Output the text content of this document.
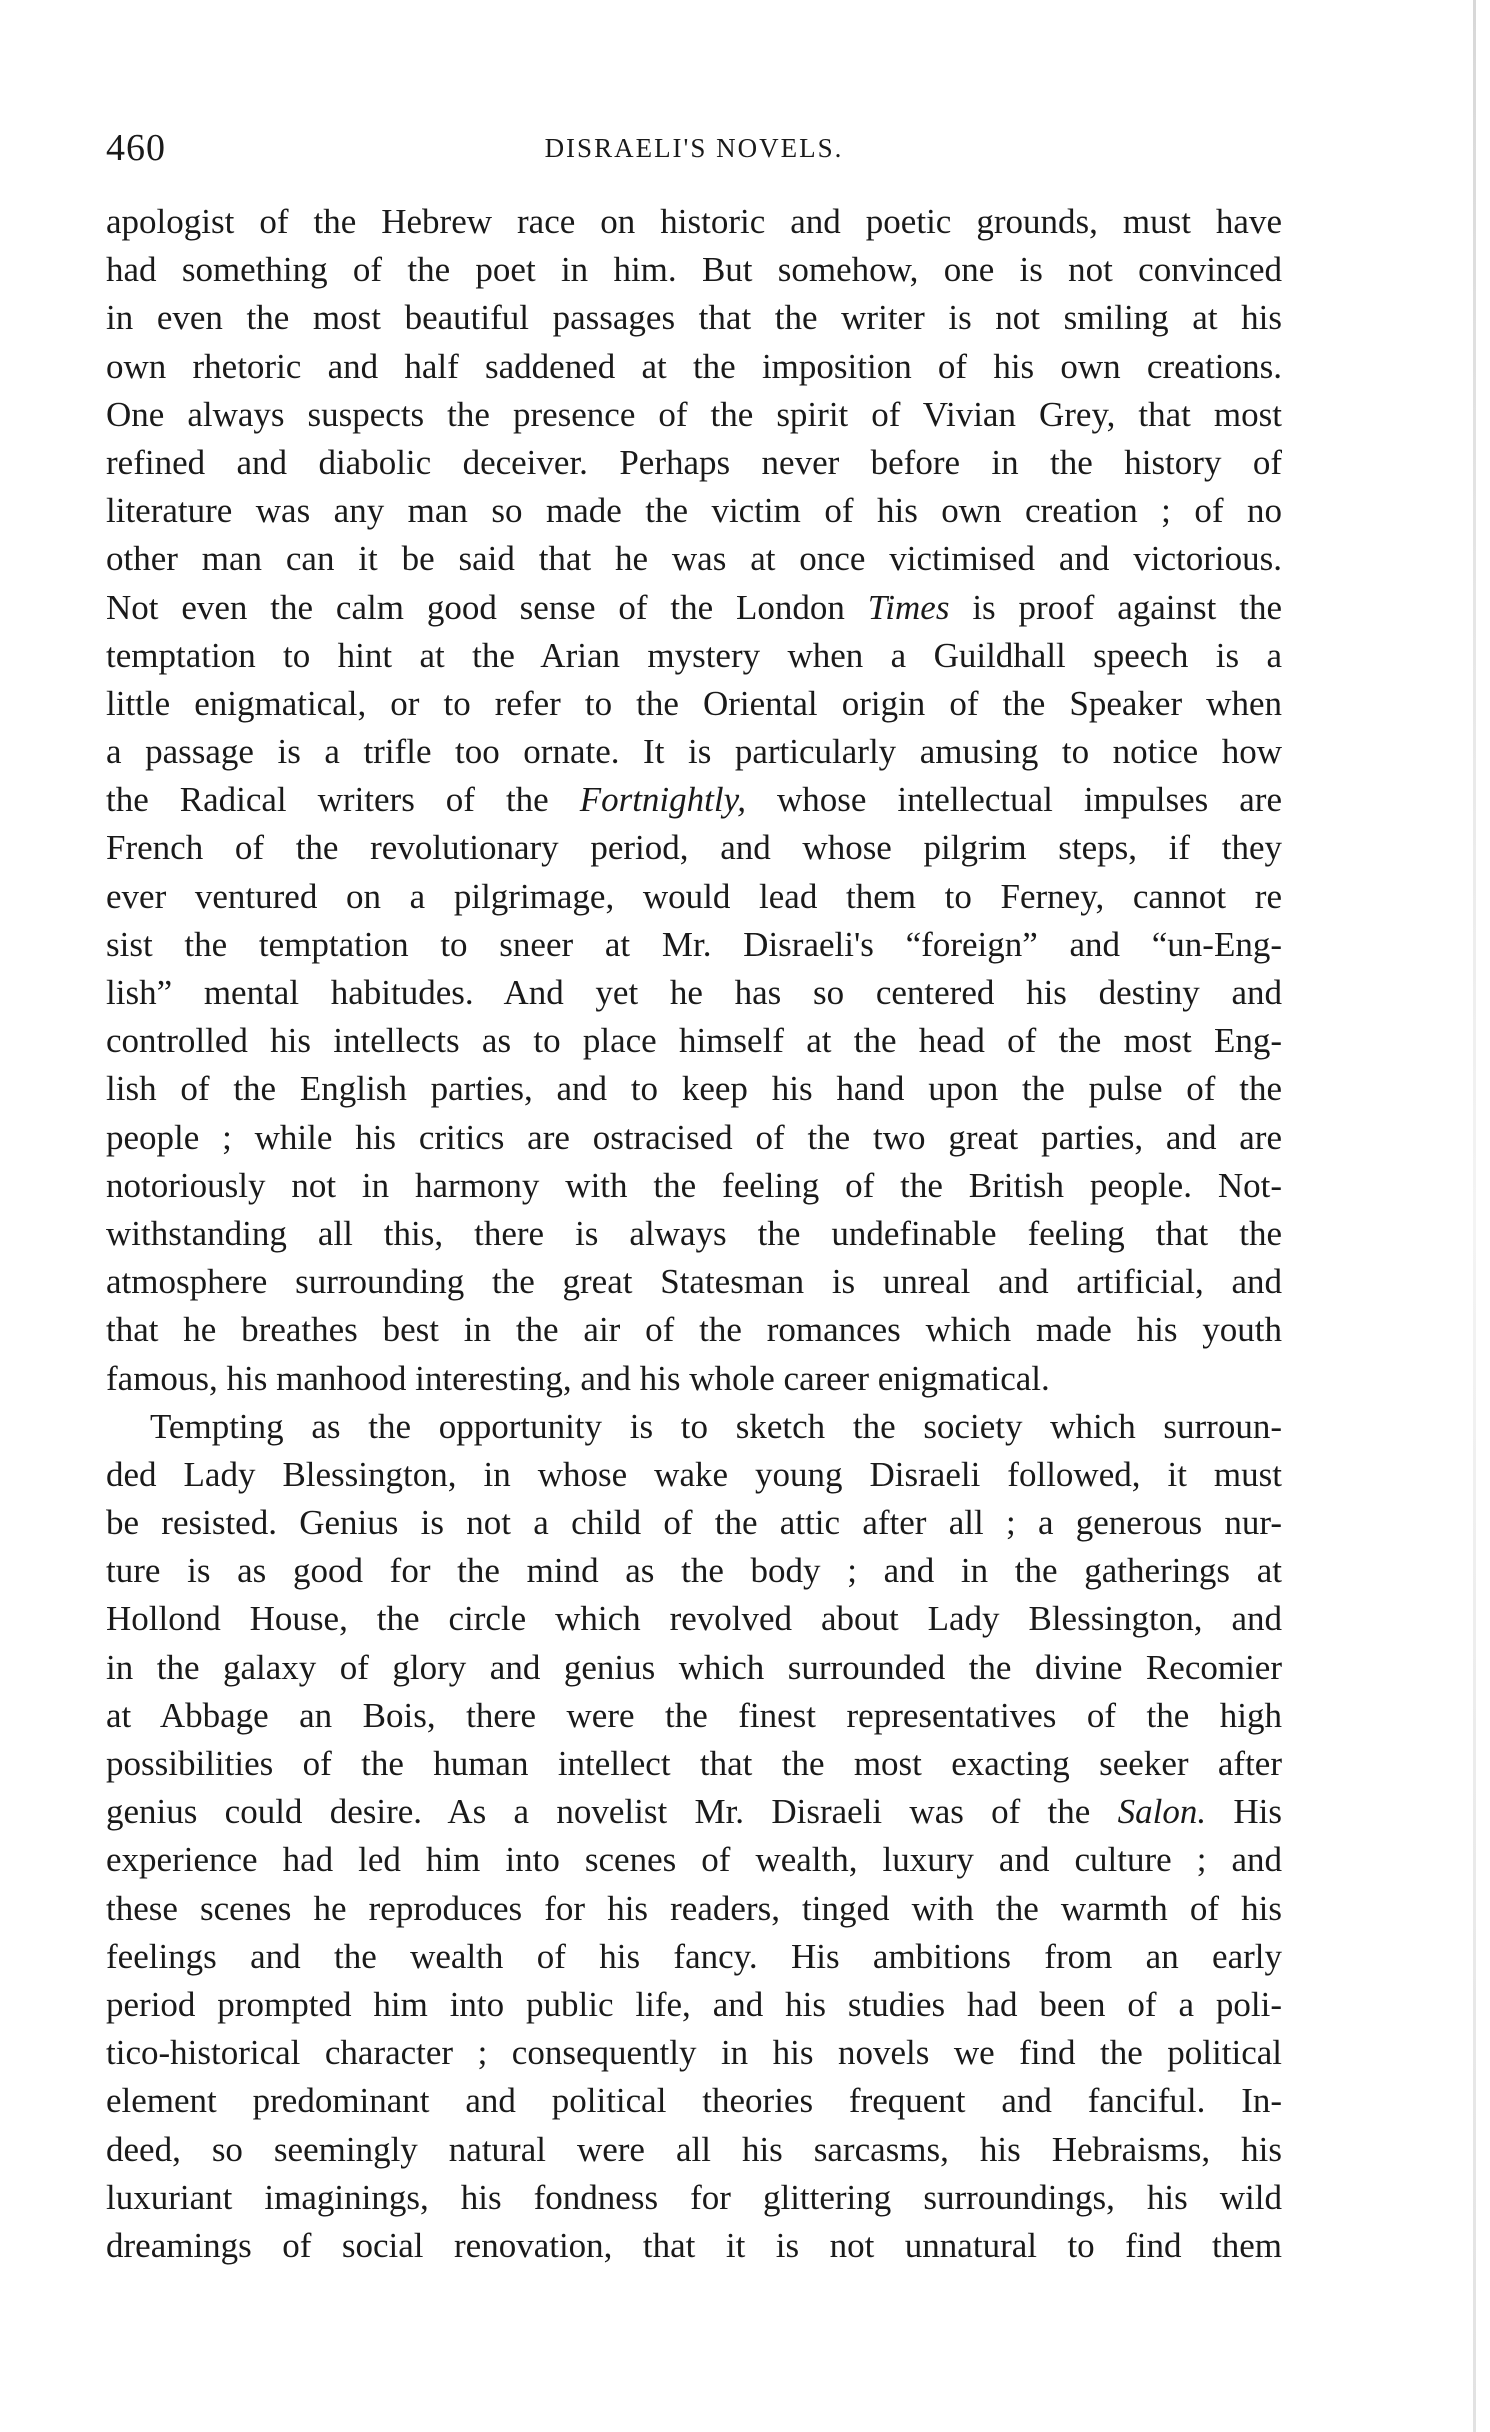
460	DISRAELI'S NOVELS.
apologist of the Hebrew race on historic and poetic grounds, must have
had something of the poet in him. But somehow, one is not convinced
in even the most beautiful passages that the writer is not smiling at his
own rhetoric and half saddened at the imposition of his own creations.
One always suspects the presence of the spirit of Vivian Grey, that most
refined and diabolic deceiver. Perhaps never before in the history of
literature was any man so made the victim of his own creation ; of no
other man can it be said that he was at once victimised and victorious.
Not even the calm good sense of the London Times is proof against the
temptation to hint at the Arian mystery when a Guildhall speech is a
little enigmatical, or to refer to the Oriental origin of the Speaker when
a passage is a trifle too ornate. It is particularly amusing to notice how
the Radical writers of the Fortnightly, whose intellectual impulses are
French of the revolutionary period, and whose pilgrim steps, if they
ever ventured on a pilgrimage, would lead them to Ferney, cannot re
sist the temptation to sneer at Mr. Disraeli's “foreign” and “un-Eng-
lish” mental habitudes. And yet he has so centered his destiny and
controlled his intellects as to place himself at the head of the most Eng-
lish of the English parties, and to keep his hand upon the pulse of the
people ; while his critics are ostracised of the two great parties, and are
notoriously not in harmony with the feeling of the British people. Not-
withstanding all this, there is always the undefinable feeling that the
atmosphere surrounding the great Statesman is unreal and artificial, and
that he breathes best in the air of the romances which made his youth
famous, his manhood interesting, and his whole career enigmatical.
Tempting as the opportunity is to sketch the society which surroun-
ded Lady Blessington, in whose wake young Disraeli followed, it must
be resisted. Genius is not a child of the attic after all ; a generous nur-
ture is as good for the mind as the body ; and in the gatherings at
Hollond House, the circle which revolved about Lady Blessington, and
in the galaxy of glory and genius which surrounded the divine Recomier
at Abbage an Bois, there were the finest representatives of the high
possibilities of the human intellect that the most exacting seeker after
genius could desire. As a novelist Mr. Disraeli was of the Salon. His
experience had led him into scenes of wealth, luxury and culture ; and
these scenes he reproduces for his readers, tinged with the warmth of his
feelings and the wealth of his fancy. His ambitions from an early
period prompted him into public life, and his studies had been of a poli-
tico-historical character ; consequently in his novels we find the political
element predominant and political theories frequent and fanciful. In-
deed, so seemingly natural were all his sarcasms, his Hebraisms, his
luxuriant imaginings, his fondness for glittering surroundings, his wild
dreamings of social renovation, that it is not unnatural to find them
